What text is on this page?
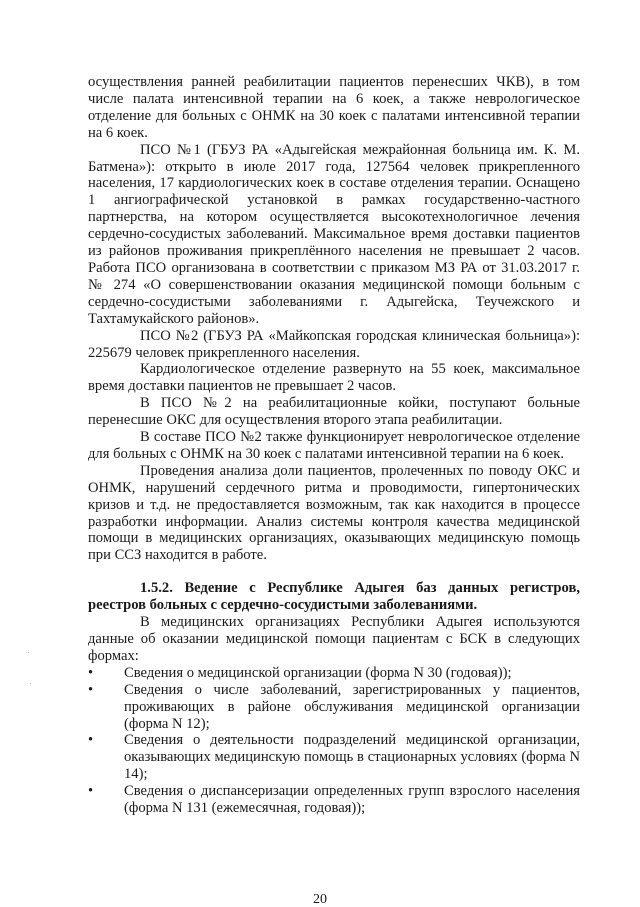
осуществления ранней реабилитации пациентов перенесших ЧКВ), в том числе палата интенсивной терапии на 6 коек, а также неврологическое отделение для больных с ОНМК на 30 коек с палатами интенсивной терапии на 6 коек.

ПСО №1 (ГБУЗ РА «Адыгейская межрайонная больница им. К. М. Батмена»): открыто в июле 2017 года, 127564 человек прикрепленного населения, 17 кардиологических коек в составе отделения терапии. Оснащено 1 ангиографической установкой в рамках государственно-частного партнерства, на котором осуществляется высокотехнологичное лечения сердечно-сосудистых заболеваний. Максимальное время доставки пациентов из районов проживания прикреплённого населения не превышает 2 часов. Работа ПСО организована в соответствии с приказом МЗ РА от 31.03.2017 г. № 274 «О совершенствовании оказания медицинской помощи больным с сердечно-сосудистыми заболеваниями г. Адыгейска, Теучежского и Тахтамукайского районов».

ПСО №2 (ГБУЗ РА «Майкопская городская клиническая больница»): 225679 человек прикрепленного населения.

Кардиологическое отделение развернуто на 55 коек, максимальное время доставки пациентов не превышает 2 часов.

В ПСО №2 на реабилитационные койки, поступают больные перенесшие ОКС для осуществления второго этапа реабилитации.

В составе ПСО №2 также функционирует неврологическое отделение для больных с ОНМК на 30 коек с палатами интенсивной терапии на 6 коек.

Проведения анализа доли пациентов, пролеченных по поводу ОКС и ОНМК, нарушений сердечного ритма и проводимости, гипертонических кризов и т.д. не предоставляется возможным, так как находится в процессе разработки информации. Анализ системы контроля качества медицинской помощи в медицинских организациях, оказывающих медицинскую помощь при ССЗ находится в работе.

1.5.2. Ведение с Республике Адыгея баз данных регистров, реестров больных с сердечно-сосудистыми заболеваниями.

В медицинских организациях Республики Адыгея используются данные об оказании медицинской помощи пациентам с БСК в следующих формах:

• Сведения о медицинской организации (форма N 30 (годовая));
• Сведения о числе заболеваний, зарегистрированных у пациентов, проживающих в районе обслуживания медицинской организации (форма N 12);
• Сведения о деятельности подразделений медицинской организации, оказывающих медицинскую помощь в стационарных условиях (форма N 14);
• Сведения о диспансеризации определенных групп взрослого населения (форма N 131 (ежемесячная, годовая));
20
